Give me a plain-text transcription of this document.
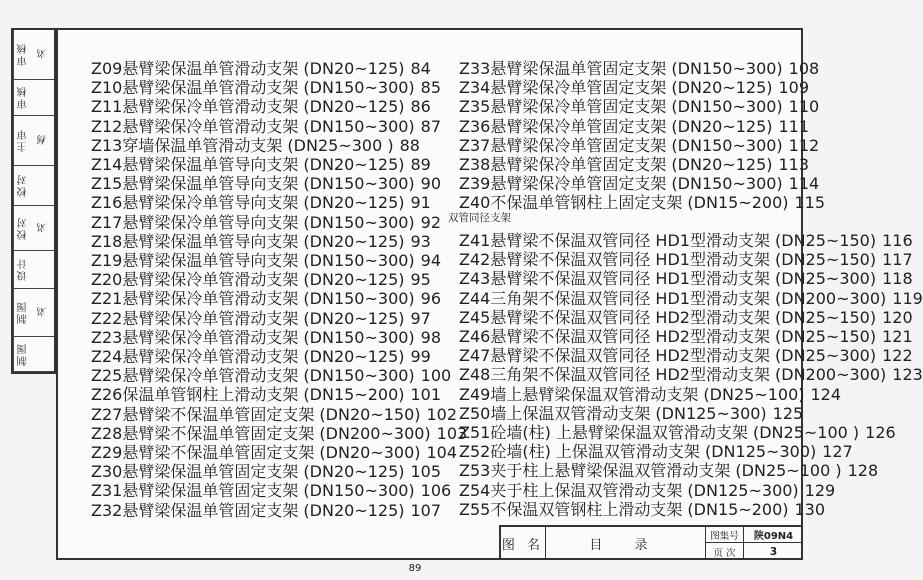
审核 刘
审核
主审 杨
校对
校对 刘
设计
制图 刘
制图
Z09悬臂梁保温单管滑动支架 (DN20~125) 84
Z10悬臂梁保温单管滑动支架 (DN150~300) 85
Z11悬臂梁保冷单管滑动支架 (DN20~125) 86
Z12悬臂梁保冷单管滑动支架 (DN150~300) 87
Z13穿墙保温单管滑动支架 (DN25~300 ) 88
Z14悬臂梁保温单管导向支架 (DN20~125) 89
Z15悬臂梁保温单管导向支架 (DN150~300) 90
Z16悬臂梁保冷单管导向支架 (DN20~125) 91
Z17悬臂梁保冷单管导向支架 (DN150~300) 92
Z18悬臂梁保温单管导向支架 (DN20~125) 93
Z19悬臂梁保温单管导向支架 (DN150~300) 94
Z20悬臂梁保冷单管滑动支架 (DN20~125) 95
Z21悬臂梁保冷单管滑动支架 (DN150~300) 96
Z22悬臂梁保冷单管滑动支架 (DN20~125) 97
Z23悬臂梁保冷单管滑动支架 (DN150~300) 98
Z24悬臂梁保冷单管滑动支架 (DN20~125) 99
Z25悬臂梁保冷单管滑动支架 (DN150~300) 100
Z26保温单管钢柱上滑动支架 (DN15~200) 101
Z27悬臂梁不保温单管固定支架 (DN20~150) 102
Z28悬臂梁不保温单管固定支架 (DN200~300) 103
Z29悬臂梁不保温单管固定支架 (DN20~300) 104
Z30悬臂梁保温单管固定支架 (DN20~125) 105
Z31悬臂梁保温单管固定支架 (DN150~300) 106
Z32悬臂梁保温单管固定支架 (DN20~125) 107
双管同径支架
Z33悬臂梁保温单管固定支架 (DN150~300) 108
Z34悬臂梁保冷单管固定支架 (DN20~125) 109
Z35悬臂梁保冷单管固定支架 (DN150~300) 110
Z36悬臂梁保冷单管固定支架 (DN20~125) 111
Z37悬臂梁保冷单管固定支架 (DN150~300) 112
Z38悬臂梁保冷单管固定支架 (DN20~125) 113
Z39悬臂梁保冷单管固定支架 (DN150~300) 114
Z40不保温单管钢柱上固定支架 (DN15~200) 115
Z41悬臂梁不保温双管同径 HD1型滑动支架 (DN25~150) 116
Z42悬臂梁不保温双管同径 HD1型滑动支架 (DN25~150) 117
Z43悬臂梁不保温双管同径 HD1型滑动支架 (DN25~300) 118
Z44三角架不保温双管同径 HD1型滑动支架 (DN200~300) 119
Z45悬臂梁不保温双管同径 HD2型滑动支架 (DN25~150) 120
Z46悬臂梁不保温双管同径 HD2型滑动支架 (DN25~150) 121
Z47悬臂梁不保温双管同径 HD2型滑动支架 (DN25~300) 122
Z48三角架不保温双管同径 HD2型滑动支架 (DN200~300) 123
Z49墙上悬臂梁保温双管滑动支架 (DN25~100) 124
Z50墙上保温双管滑动支架 (DN125~300) 125
Z51砼墙(柱) 上悬臂梁保温双管滑动支架 (DN25~100 ) 126
Z52砼墙(柱) 上保温双管滑动支架 (DN125~300) 127
Z53夹于柱上悬臂梁保温双管滑动支架 (DN25~100 ) 128
Z54夹于柱上保温双管滑动支架 (DN125~300) 129
Z55不保温双管钢柱上滑动支架 (DN15~200) 130
图 名	目 录
图集号	陕09N4
页 次	3
89
